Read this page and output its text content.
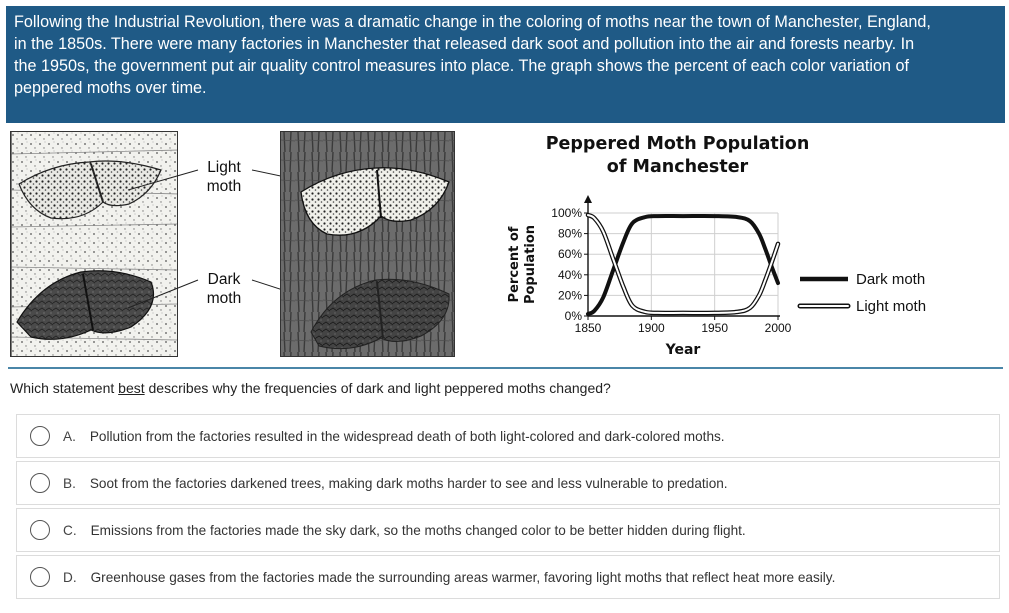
Following the Industrial Revolution, there was a dramatic change in the coloring of moths near the town of Manchester, England,
in the 1850s. There were many factories in Manchester that released dark soot and pollution into the air and forests nearby. In
the 1950s, the government put air quality control measures into place. The graph shows the percent of each color variation of
peppered moths over time.
Light
moth
Dark
moth
Peppered Moth Population
of Manchester
0%
20%
40%
60%
80%
100%
1850	1900	1950	2000
Year
Percent of Population	Dark moth
Light moth
Which statement best describes why the frequencies of dark and light peppered moths changed?
A. Pollution from the factories resulted in the widespread death of both light-colored and dark-colored moths.
B. Soot from the factories darkened trees, making dark moths harder to see and less vulnerable to predation.
C. Emissions from the factories made the sky dark, so the moths changed color to be better hidden during flight.
D. Greenhouse gases from the factories made the surrounding areas warmer, favoring light moths that reflect heat more easily.
